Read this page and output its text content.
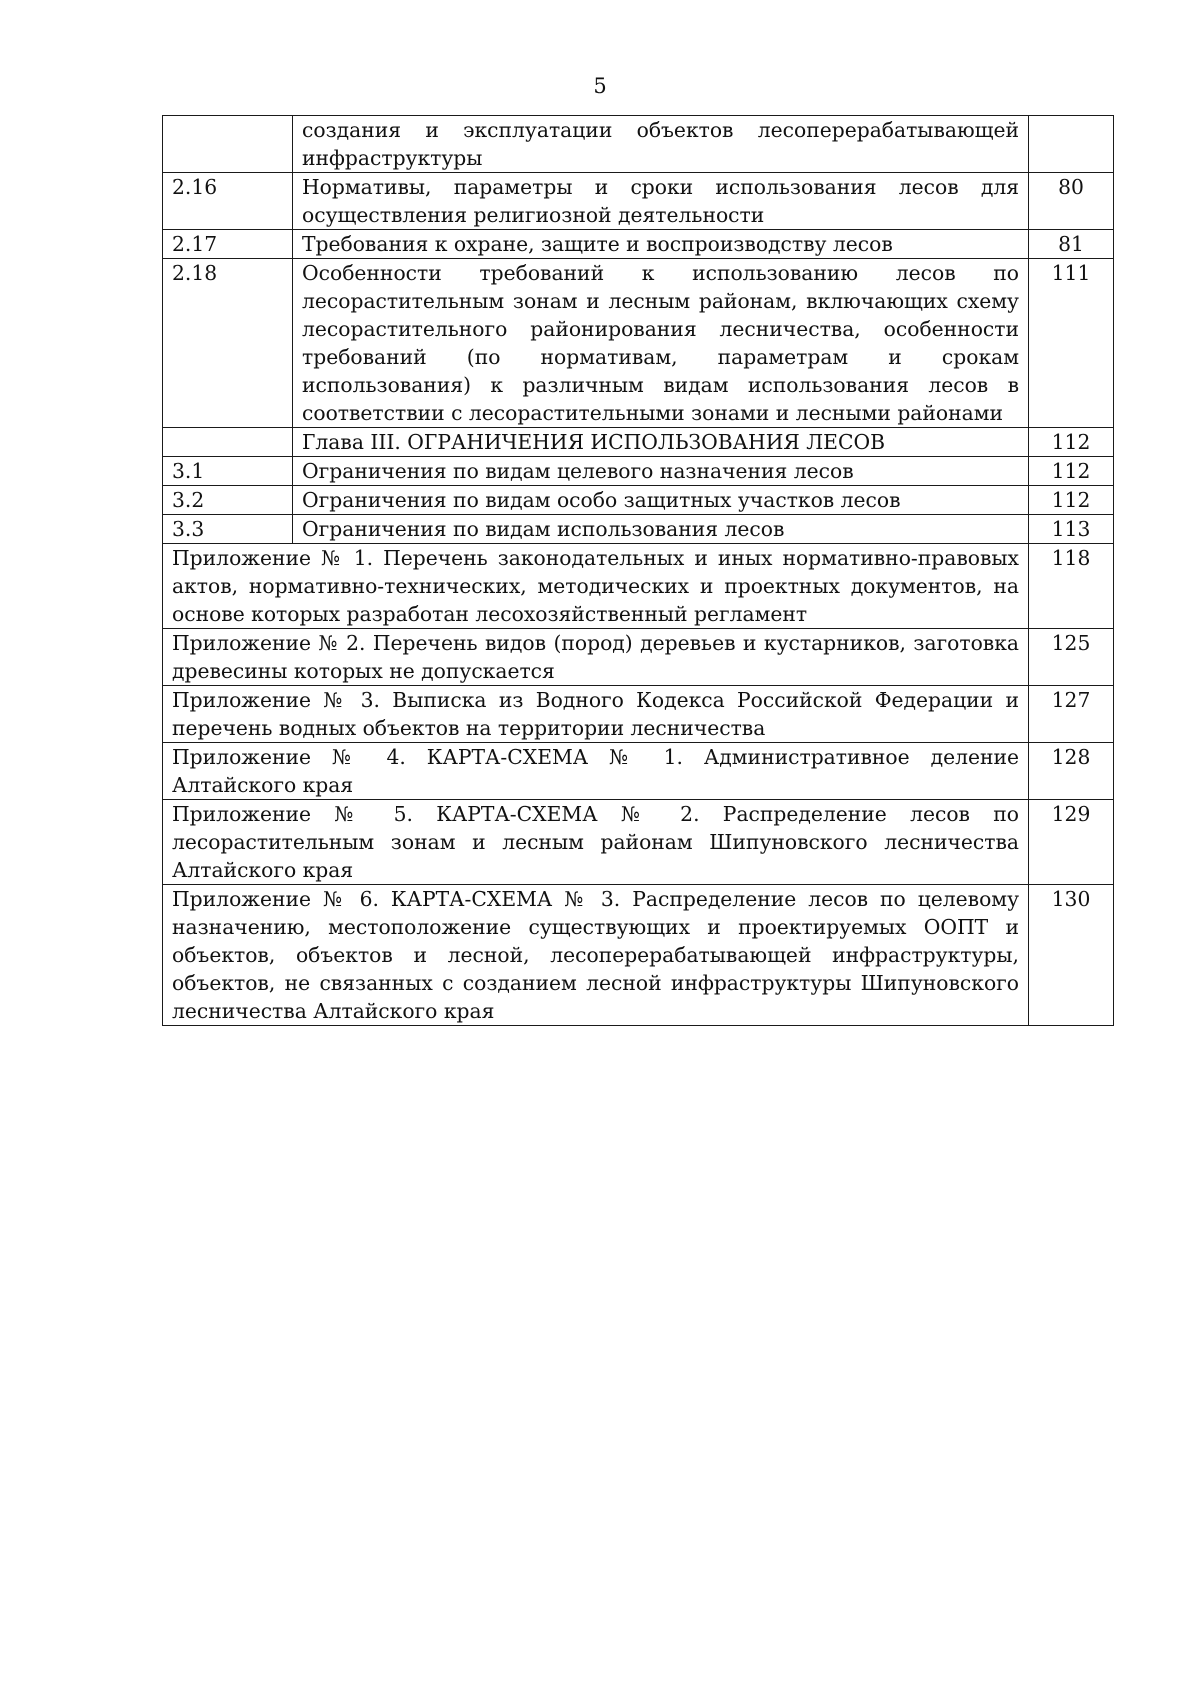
5
	создания и эксплуатации объектов лесоперерабатывающей инфраструктуры	
2.16	Нормативы, параметры и сроки использования лесов для осуществления религиозной деятельности	80
2.17	Требования к охране, защите и воспроизводству лесов	81
2.18	Особенности требований к использованию лесов по лесорастительным зонам и лесным районам, включающих схему лесорастительного районирования лесничества, особенности требований (по нормативам, параметрам и срокам использования) к различным видам использования лесов в соответствии с лесорастительными зонами и лесными районами	111
	Глава III. ОГРАНИЧЕНИЯ ИСПОЛЬЗОВАНИЯ ЛЕСОВ	112
3.1	Ограничения по видам целевого назначения лесов	112
3.2	Ограничения по видам особо защитных участков лесов	112
3.3	Ограничения по видам использования лесов	113
Приложение № 1. Перечень законодательных и иных нормативно-правовых актов, нормативно-технических, методических и проектных документов, на основе которых разработан лесохозяйственный регламент		118
Приложение № 2. Перечень видов (пород) деревьев и кустарников, заготовка древесины которых не допускается		125
Приложение № 3. Выписка из Водного Кодекса Российской Федерации и перечень водных объектов на территории лесничества		127
Приложение № 4. КАРТА-СХЕМА № 1. Административное деление Алтайского края		128
Приложение № 5. КАРТА-СХЕМА № 2. Распределение лесов по лесорастительным зонам и лесным районам Шипуновского лесничества Алтайского края		129
Приложение № 6. КАРТА-СХЕМА № 3. Распределение лесов по целевому назначению, местоположение существующих и проектируемых ООПТ и объектов, объектов и лесной, лесоперерабатывающей инфраструктуры, объектов, не связанных с созданием лесной инфраструктуры Шипуновского лесничества Алтайского края		130
